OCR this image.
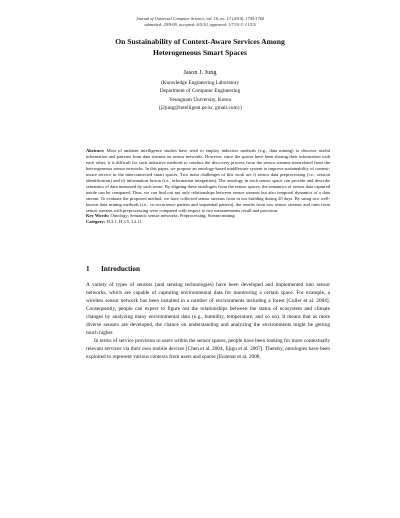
Journal of Universal Computer Science, vol. 16, no. 13 (2010), 1745-1760
submitted: 29/9/09, accepted: 6/5/10, appeared: 1/7/10 © J.UCS
On Sustainability of Context-Aware Services Among
Heterogeneous Smart Spaces
Jason J. Jung
(Knowledge Engineering Laboratory
Department of Computer Engineering
Yeungnam University, Korea
{j2jung@intelligent.pe.kr, gmail.com})

Abstract: Most of ambient intelligence studies have tried to employ inductive methods (e.g., data mining) to discover useful information and patterns from data streams on sensor networks. However, since the spaces have been sharing their information with each other, it is difficult for such inductive methods to conduct the discovery process from the sensor streams interrelated from the heterogeneous sensor networks. In this paper, we propose an ontology-based middleware system to improve sustainability of context-aware service in the interconnected smart spaces. Two main challenges of this work are i) sensor data preprocessing (i.e., session identification) and ii) information fusion (i.e., information integration). The ontology in each sensor space can provide and describe semantics of data measured by such sense. By aligning these ontologies from the sensor spaces, the semantics of sensor data captured inside can be compared. Thus, we can find out not only relationships between sensor streams but also temporal dynamics of a data stream. To evaluate the proposed method, we have collected sensor streams from in our building during 20 days. By using two well-known data mining methods (i.e., co-occurrence pattern and sequential pattern), the results from raw sensor streams and ones from sensor streams with preprocessing were compared with respect to two measurements recall and precision.

Key Words: Ontology; Semantic sensor networks; Preprocessing; Stream mining.

Category: H.3.1, H.3.5, I.2.11

1 Introduction

A variety of types of sensors (and sensing technologies) have been developed and implemented into sensor networks, which are capable of capturing environmental data for monitoring a certain space. For example, a wireless sensor network has been installed in a number of environments including a forest [Culler et al. 2004]. Consequently, people can expect to figure out the relationships between the status of ecosystem and climate changes by analyzing many environmental data (e.g., humidity, temperature, and so on). It means that as more diverse sensors are developed, the chance on understanding and analyzing the environments might be getting much higher.

In terms of service provision to users within the sensor spaces, people have been looking for more contextually relevant services via their own mobile devices [Chen et al. 2004, Ejigu et al. 2007]. Thereby, ontologies have been exploited to represent various contexts from users and spaces [Euzenat et al. 2008,
